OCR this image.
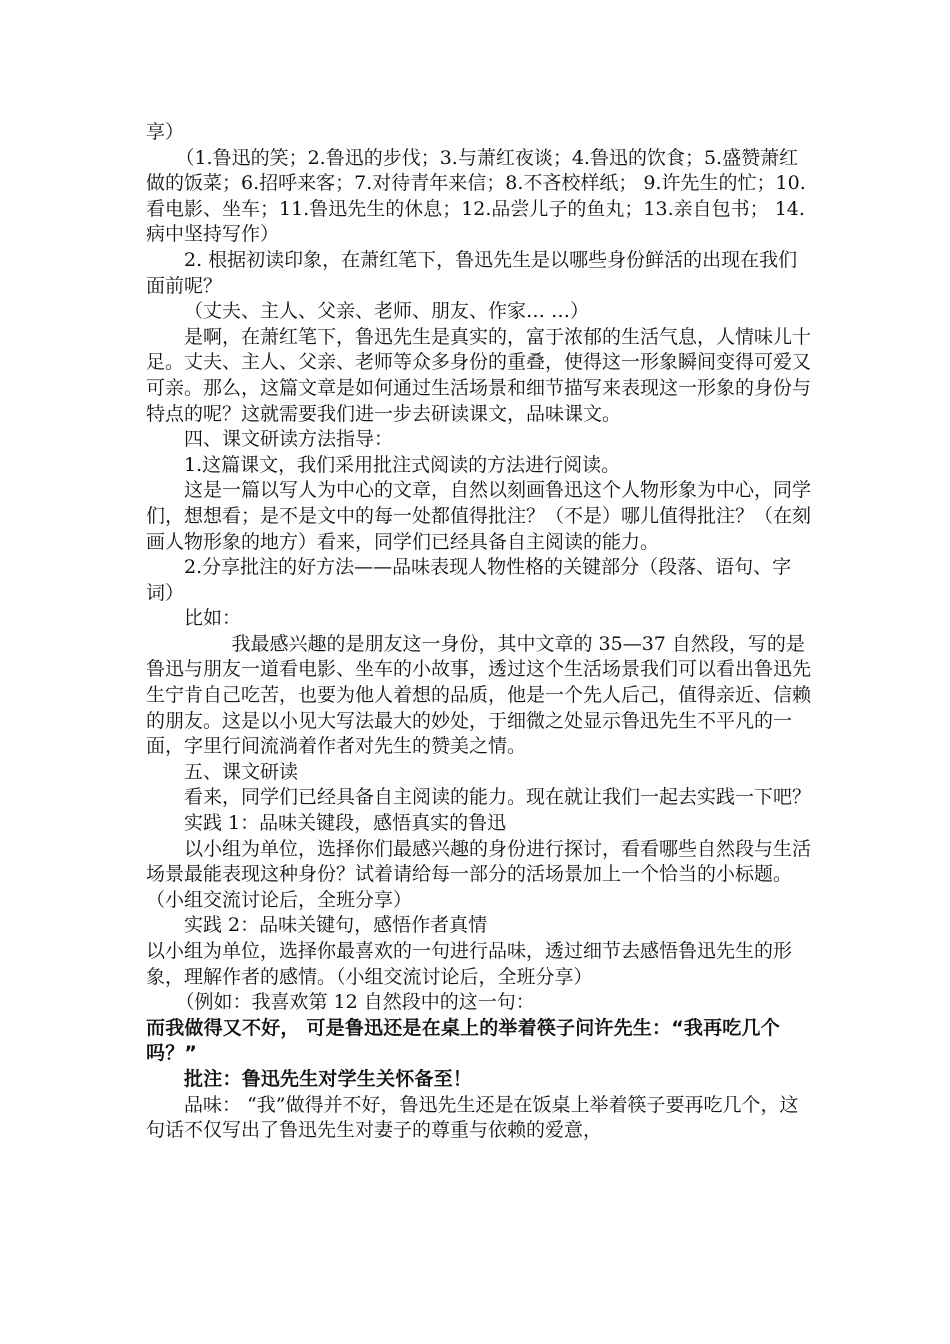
享）

（1.鲁迅的笑；2.鲁迅的步伐；3.与萧红夜谈；4.鲁迅的饮食；5.盛赞萧红做的饭菜；6.招呼来客；7.对待青年来信；8.不吝校样纸； 9.许先生的忙；10.看电影、坐车；11.鲁迅先生的休息；12.品尝儿子的鱼丸；13.亲自包书； 14.病中坚持写作）

2. 根据初读印象，在萧红笔下，鲁迅先生是以哪些身份鲜活的出现在我们面前呢？

（丈夫、主人、父亲、老师、朋友、作家… …）

是啊，在萧红笔下，鲁迅先生是真实的，富于浓郁的生活气息，人情味儿十足。丈夫、主人、父亲、老师等众多身份的重叠，使得这一形象瞬间变得可爱又可亲。那么，这篇文章是如何通过生活场景和细节描写来表现这一形象的身份与特点的呢？这就需要我们进一步去研读课文，品味课文。

四、课文研读方法指导：

1.这篇课文，我们采用批注式阅读的方法进行阅读。

这是一篇以写人为中心的文章，自然以刻画鲁迅这个人物形象为中心，同学们，想想看；是不是文中的每一处都值得批注？（不是）哪儿值得批注？（在刻画人物形象的地方）看来，同学们已经具备自主阅读的能力。

2.分享批注的好方法——品味表现人物性格的关键部分（段落、语句、字词）

比如：

我最感兴趣的是朋友这一身份，其中文章的 35—37 自然段，写的是鲁迅与朋友一道看电影、坐车的小故事，透过这个生活场景我们可以看出鲁迅先生宁肯自己吃苦，也要为他人着想的品质，他是一个先人后己，值得亲近、信赖的朋友。这是以小见大写法最大的妙处，于细微之处显示鲁迅先生不平凡的一面，字里行间流淌着作者对先生的赞美之情。

五、课文研读

看来，同学们已经具备自主阅读的能力。现在就让我们一起去实践一下吧？

实践 1：品味关键段，感悟真实的鲁迅

以小组为单位，选择你们最感兴趣的身份进行探讨，看看哪些自然段与生活场景最能表现这种身份？试着请给每一部分的活场景加上一个恰当的小标题。（小组交流讨论后，全班分享）

实践 2：品味关键句，感悟作者真情

以小组为单位，选择你最喜欢的一句进行品味，透过细节去感悟鲁迅先生的形象，理解作者的感情。（小组交流讨论后，全班分享）

（例如：我喜欢第 12 自然段中的这一句：

而我做得又不好， 可是鲁迅还是在桌上的举着筷子问许先生：“我再吃几个吗？”

批注：鲁迅先生对学生关怀备至！

品味： “我”做得并不好，鲁迅先生还是在饭桌上举着筷子要再吃几个，这句话不仅写出了鲁迅先生对妻子的尊重与依赖的爱意，
